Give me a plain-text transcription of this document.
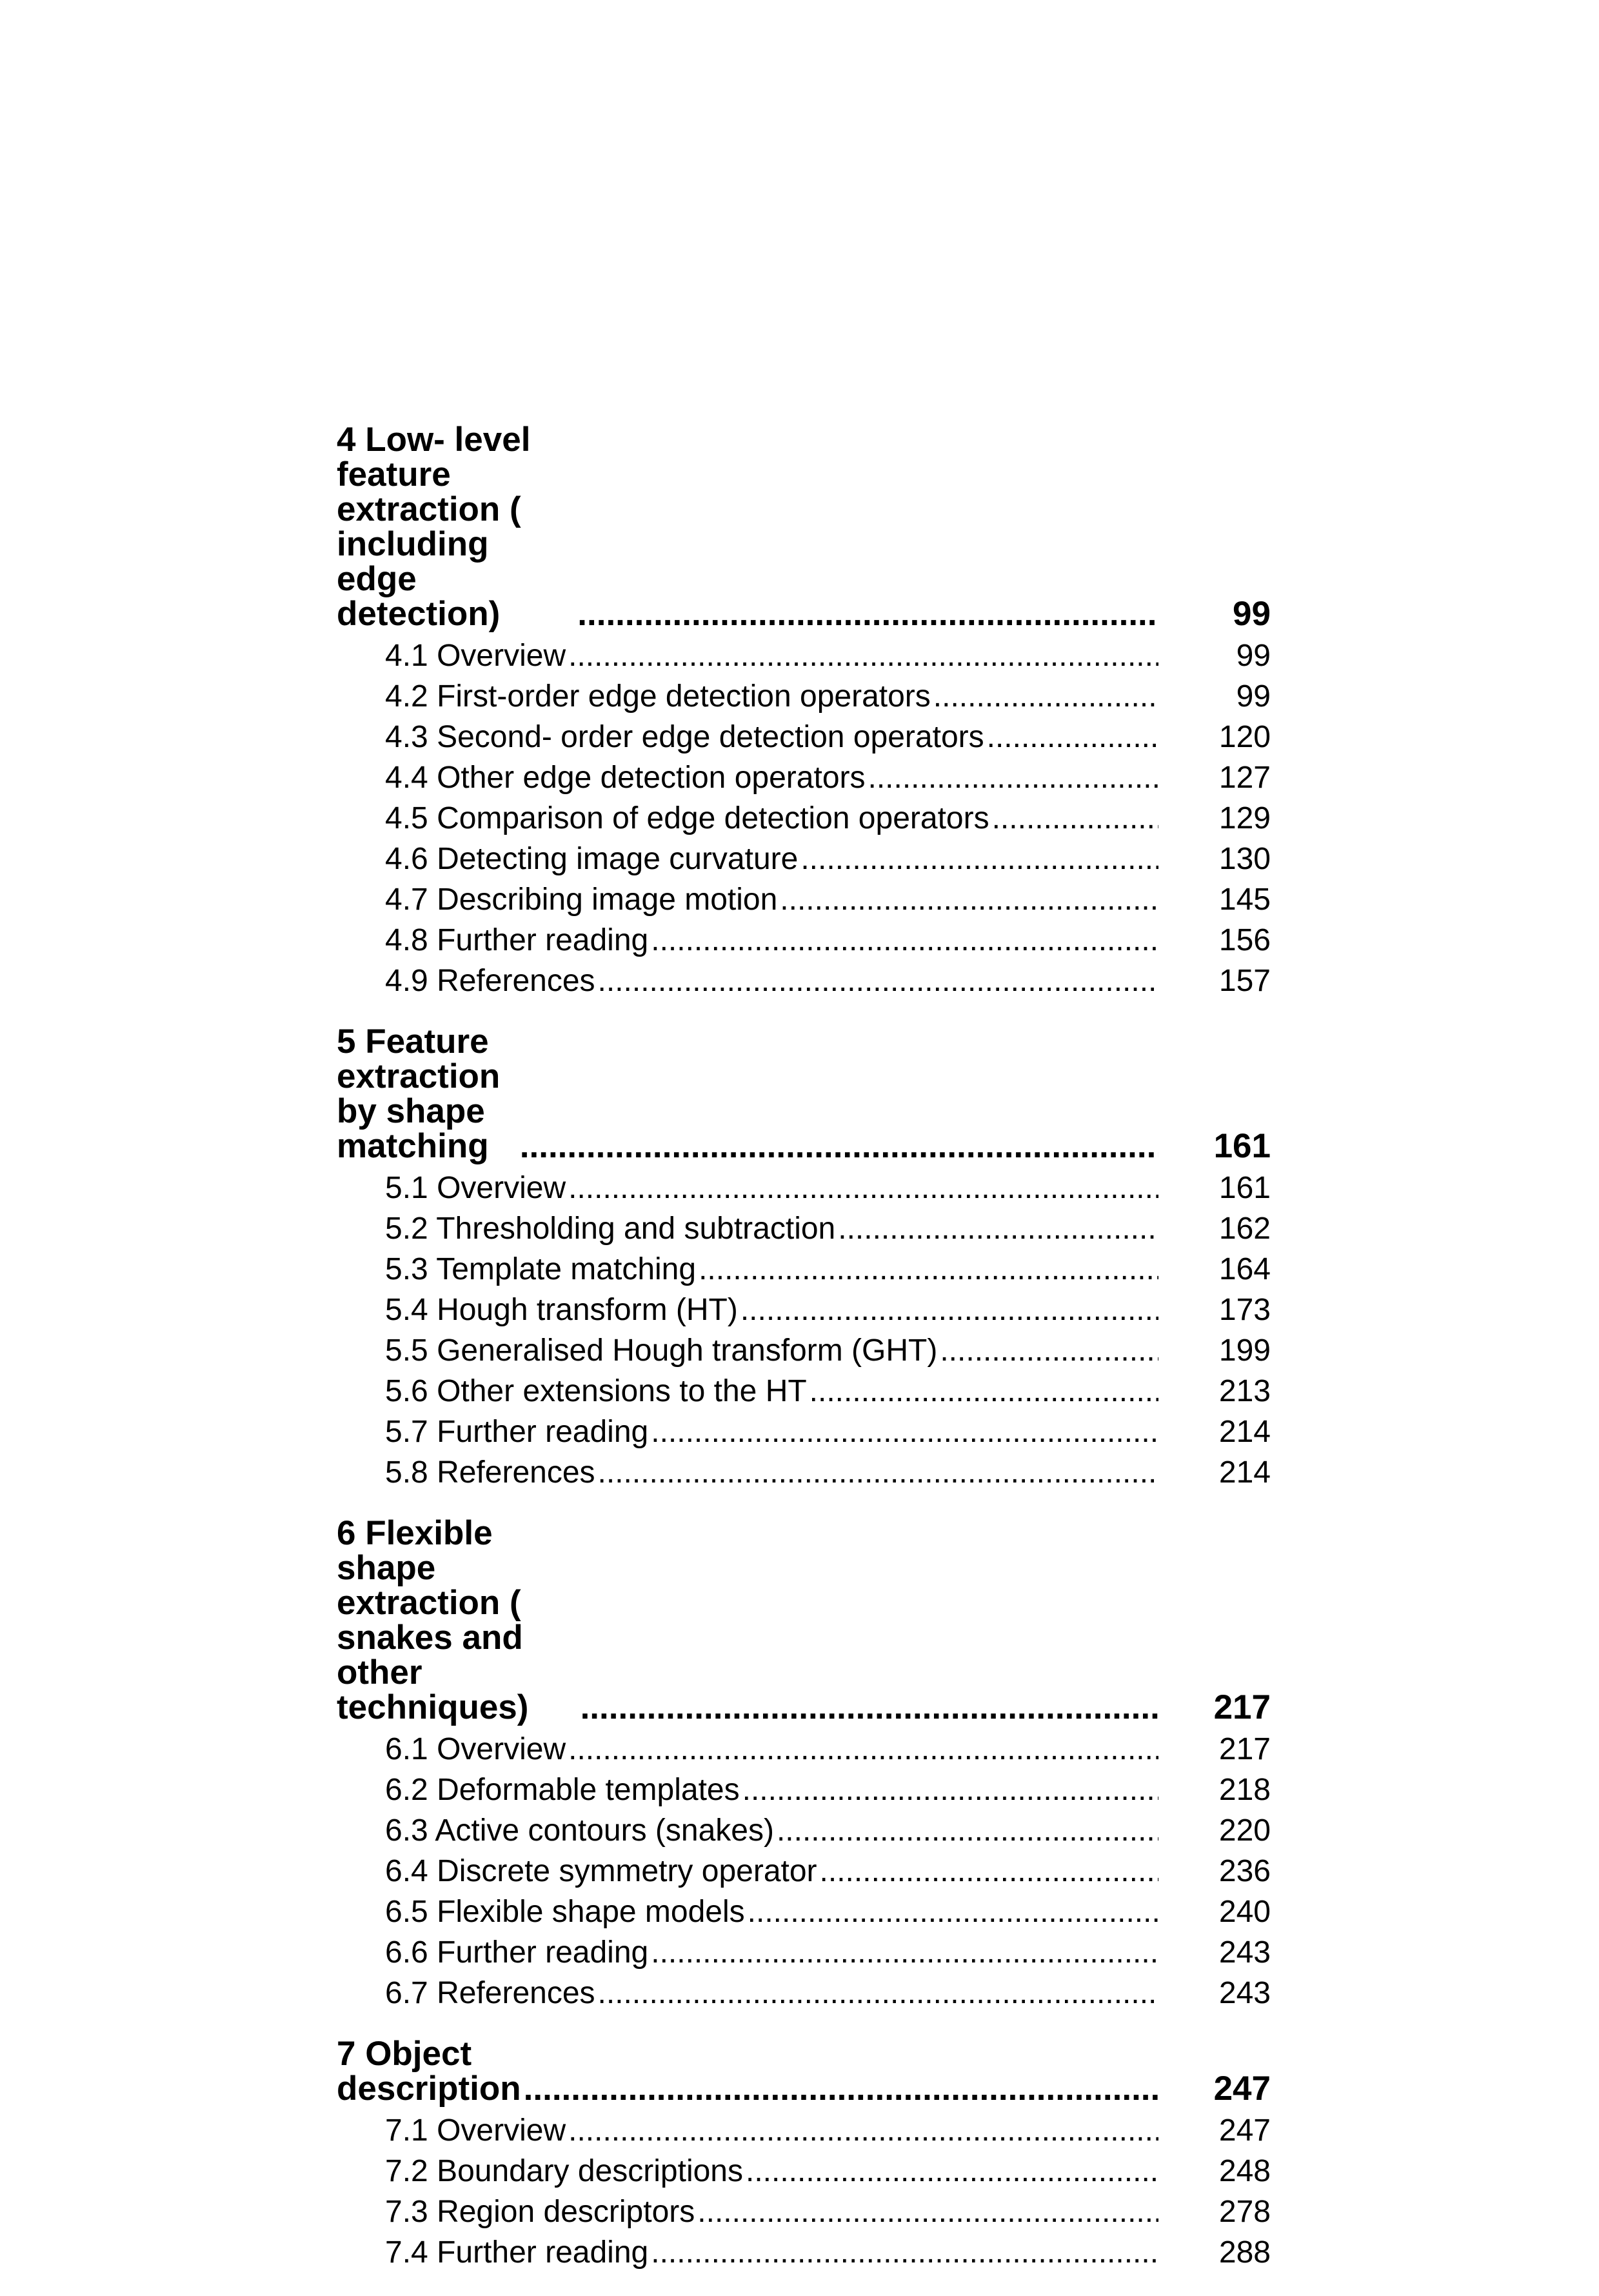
4 Low- level feature extraction ( including edge detection) .....	99
4.1 Overview .....	99
4.2 First-order edge detection operators .....	99
4.3 Second- order edge detection operators .....	120
4.4 Other edge detection operators .....	127
4.5 Comparison of edge detection operators .....	129
4.6 Detecting image curvature .....	130
4.7 Describing image motion .....	145
4.8 Further reading .....	156
4.9 References .....	157
5 Feature extraction by shape matching .....	161
5.1 Overview .....	161
5.2 Thresholding and subtraction .....	162
5.3 Template matching .....	164
5.4 Hough transform (HT) .....	173
5.5 Generalised Hough transform (GHT) .....	199
5.6 Other extensions to the HT .....	213
5.7 Further reading .....	214
5.8 References .....	214
6 Flexible shape extraction ( snakes and other techniques) .....	217
6.1 Overview .....	217
6.2 Deformable templates .....	218
6.3 Active contours (snakes) .....	220
6.4 Discrete symmetry operator .....	236
6.5 Flexible shape models .....	240
6.6 Further reading .....	243
6.7 References .....	243
7 Object description .....	247
7.1 Overview .....	247
7.2 Boundary descriptions .....	248
7.3 Region descriptors .....	278
7.4 Further reading .....	288
